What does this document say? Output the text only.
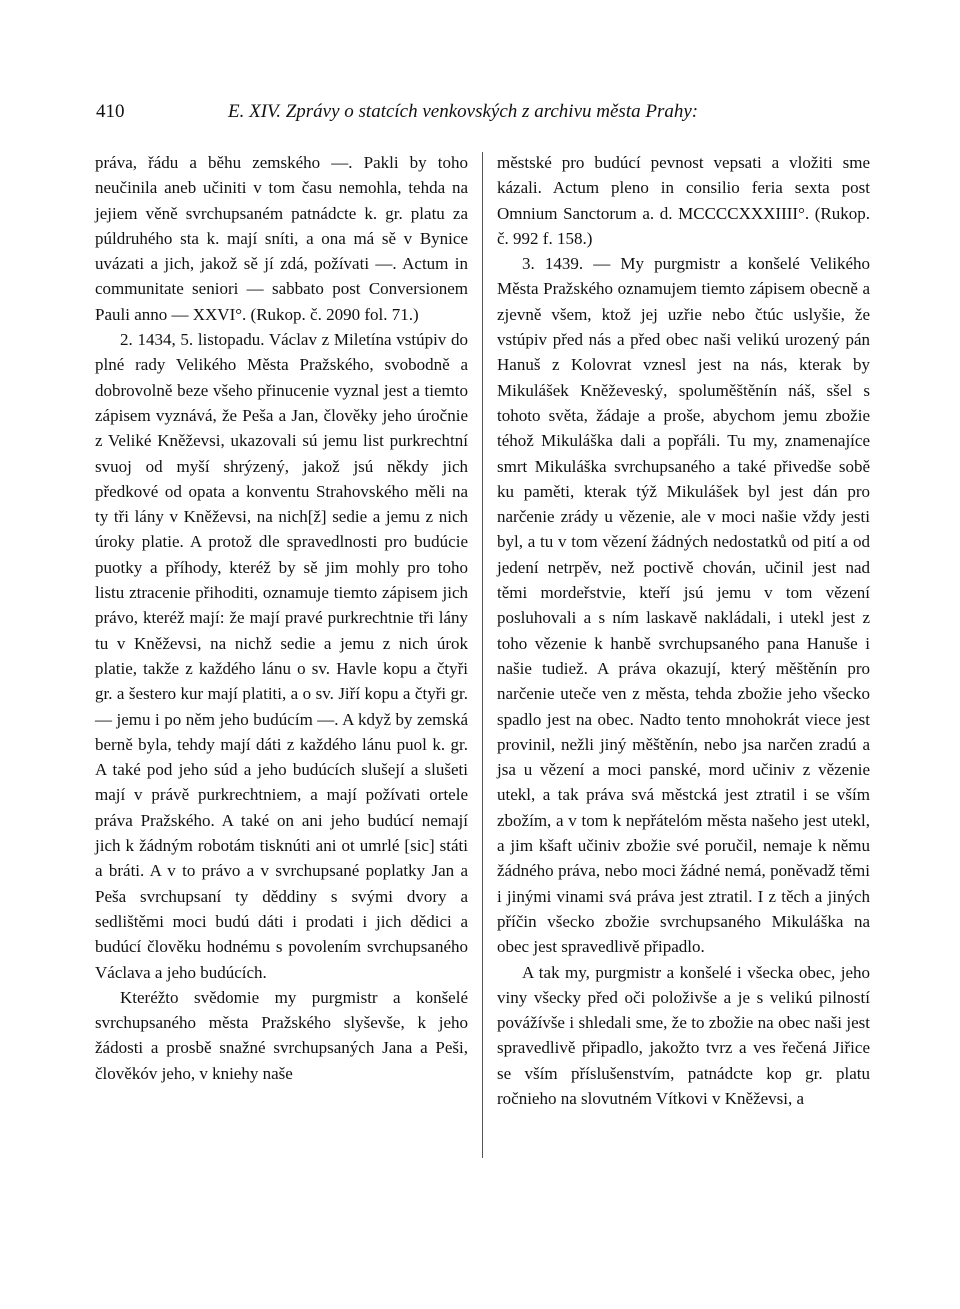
410	E. XIV. Zprávy o statcích venkovských z archivu města Prahy:

práva, řádu a běhu zemského —. Pakli by toho neučinila aneb učiniti v tom času nemohla, tehda na jejiem věně svrchupsaném patnádcte k. gr. platu za púldruhého sta k. mají sníti, a ona má sě v Bynice uvázati a jich, jakož sě jí zdá, požívati —. Actum in communitate seniori — sabbato post Conversionem Pauli anno — XXVI°. (Rukop. č. 2090 fol. 71.)

2. 1434, 5. listopadu. Václav z Miletína vstúpiv do plné rady Velikého Města Pražského, svobodně a dobrovolně beze všeho přinucenie vyznal jest a tiemto zápisem vyznává, že Peša a Jan, člověky jeho úročnie z Veliké Kněževsi, ukazovali sú jemu list purkrechtní svuoj od myší shrýzený, jakož jsú někdy jich předkové od opata a konventu Strahovského měli na ty tři lány v Kněževsi, na nich[ž] sedie a jemu z nich úroky platie. A protož dle spravedlnosti pro budúcie puotky a příhody, kteréž by sě jim mohly pro toho listu ztracenie přihoditi, oznamuje tiemto zápisem jich právo, kteréž mají: že mají pravé purkrechtnie tři lány tu v Kněževsi, na nichž sedie a jemu z nich úrok platie, takže z každého lánu o sv. Havle kopu a čtyři gr. a šestero kur mají platiti, a o sv. Jiří kopu a čtyři gr. — jemu i po něm jeho budúcím —. A když by zemská berně byla, tehdy mají dáti z každého lánu puol k. gr. A také pod jeho súd a jeho budúcích slušejí a slušeti mají v právě purkrechtniem, a mají požívati ortele práva Pražského. A také on ani jeho budúcí nemají jich k žádným robotám tisknúti ani ot umrlé [sic] státi a bráti. A v to právo a v svrchupsané poplatky Jan a Peša svrchupsaní ty děddiny s svými dvory a sedlištěmi moci budú dáti i prodati i jich dědici a budúcí člověku hodnému s povolením svrchupsaného Václava a jeho budúcích.

Kteréžto svědomie my purgmistr a konšelé svrchupsaného města Pražského slyševše, k jeho žádosti a prosbě snažné svrchupsaných Jana a Peši, člověkóv jeho, v kniehy naše

městské pro budúcí pevnost vepsati a vložiti sme kázali. Actum pleno in consilio feria sexta post Omnium Sanctorum a. d. MCCCCXXXIIII°. (Rukop. č. 992 f. 158.)

3. 1439. — My purgmistr a konšelé Velikého Města Pražského oznamujem tiemto zápisem obecně a zjevně všem, ktož jej uzřie nebo čtúc uslyšie, že vstúpiv před nás a před obec naši velikú urozený pán Hanuš z Kolovrat vznesl jest na nás, kterak by Mikulášek Kněževeský, spoluměštěnín náš, sšel s tohoto světa, žádaje a proše, abychom jemu zbožie téhož Mikuláška dali a popřáli. Tu my, znamenajíce smrt Mikuláška svrchupsaného a také přivedše sobě ku paměti, kterak týž Mikulášek byl jest dán pro narčenie zrády u vězenie, ale v moci našie vždy jesti byl, a tu v tom vězení žádných nedostatků od pití a od jedení netrpěv, než poctivě chován, učinil jest nad těmi mordeřstvie, kteří jsú jemu v tom vězení posluhovali a s ním laskavě nakládali, i utekl jest z toho vězenie k hanbě svrchupsaného pana Hanuše i našie tudiež. A práva okazují, který měštěnín pro narčenie uteče ven z města, tehda zbožie jeho všecko spadlo jest na obec. Nadto tento mnohokrát viece jest provinil, nežli jiný měštěnín, nebo jsa narčen zradú a jsa u vězení a moci panské, mord učiniv z vězenie utekl, a tak práva svá městcká jest ztratil i se vším zbožím, a v tom k nepřátelóm města našeho jest utekl, a jim kšaft učiniv zbožie své poručil, nemaje k němu žádného práva, nebo moci žádné nemá, poněvadž těmi i jinými vinami svá práva jest ztratil. I z těch a jiných příčin všecko zbožie svrchupsaného Mikuláška na obec jest spravedlivě připadlo.

A tak my, purgmistr a konšelé i všecka obec, jeho viny všecky před oči položivše a je s velikú pilností povážívše i shledali sme, že to zbožie na obec naši jest spravedlivě připadlo, jakožto tvrz a ves řečená Jiřice se vším příslušenstvím, patnádcte kop gr. platu ročnieho na slovutném Vítkovi v Kněževsi, a
